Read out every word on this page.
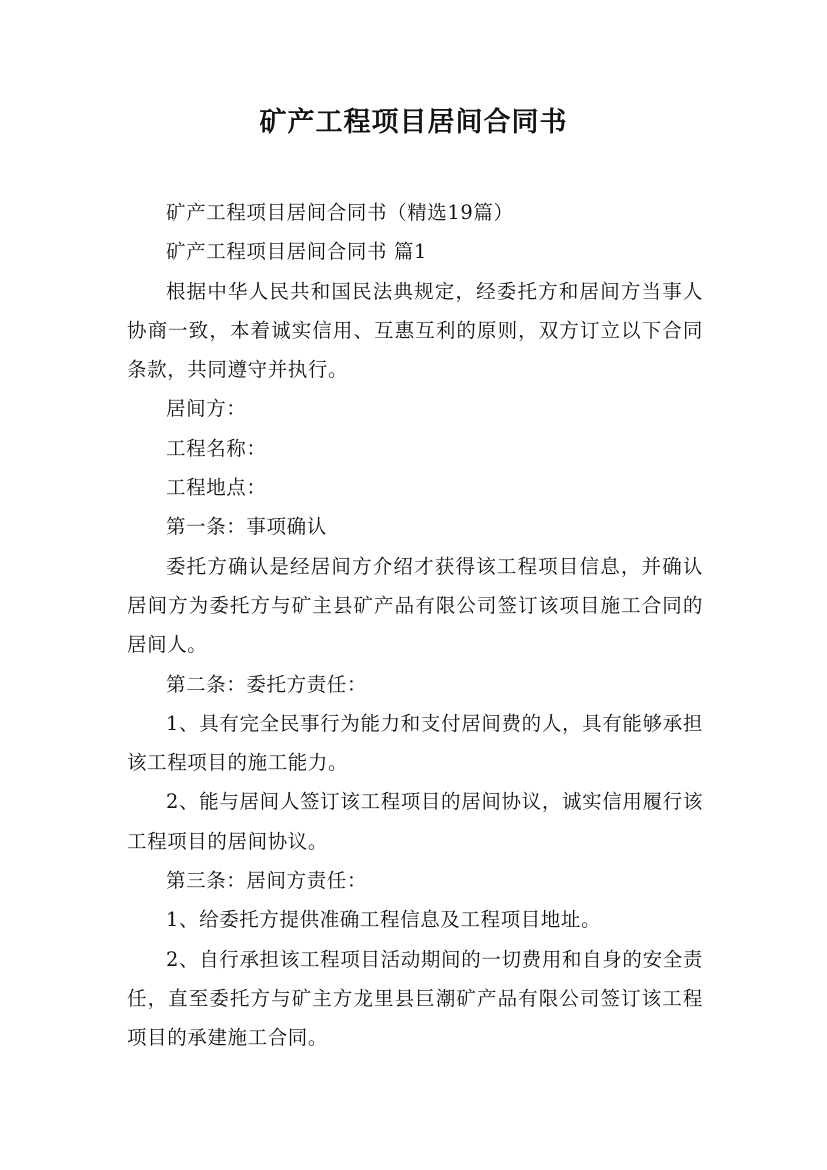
矿产工程项目居间合同书

矿产工程项目居间合同书（精选19篇）

矿产工程项目居间合同书 篇1

根据中华人民共和国民法典规定，经委托方和居间方当事人协商一致，本着诚实信用、互惠互利的原则，双方订立以下合同条款，共同遵守并执行。

居间方：

工程名称：

工程地点：

第一条：事项确认

委托方确认是经居间方介绍才获得该工程项目信息，并确认居间方为委托方与矿主县矿产品有限公司签订该项目施工合同的居间人。

第二条：委托方责任：

1、具有完全民事行为能力和支付居间费的人，具有能够承担该工程项目的施工能力。

2、能与居间人签订该工程项目的居间协议，诚实信用履行该工程项目的居间协议。

第三条：居间方责任：

1、给委托方提供准确工程信息及工程项目地址。

2、自行承担该工程项目活动期间的一切费用和自身的安全责任，直至委托方与矿主方龙里县巨潮矿产品有限公司签订该工程项目的承建施工合同。
